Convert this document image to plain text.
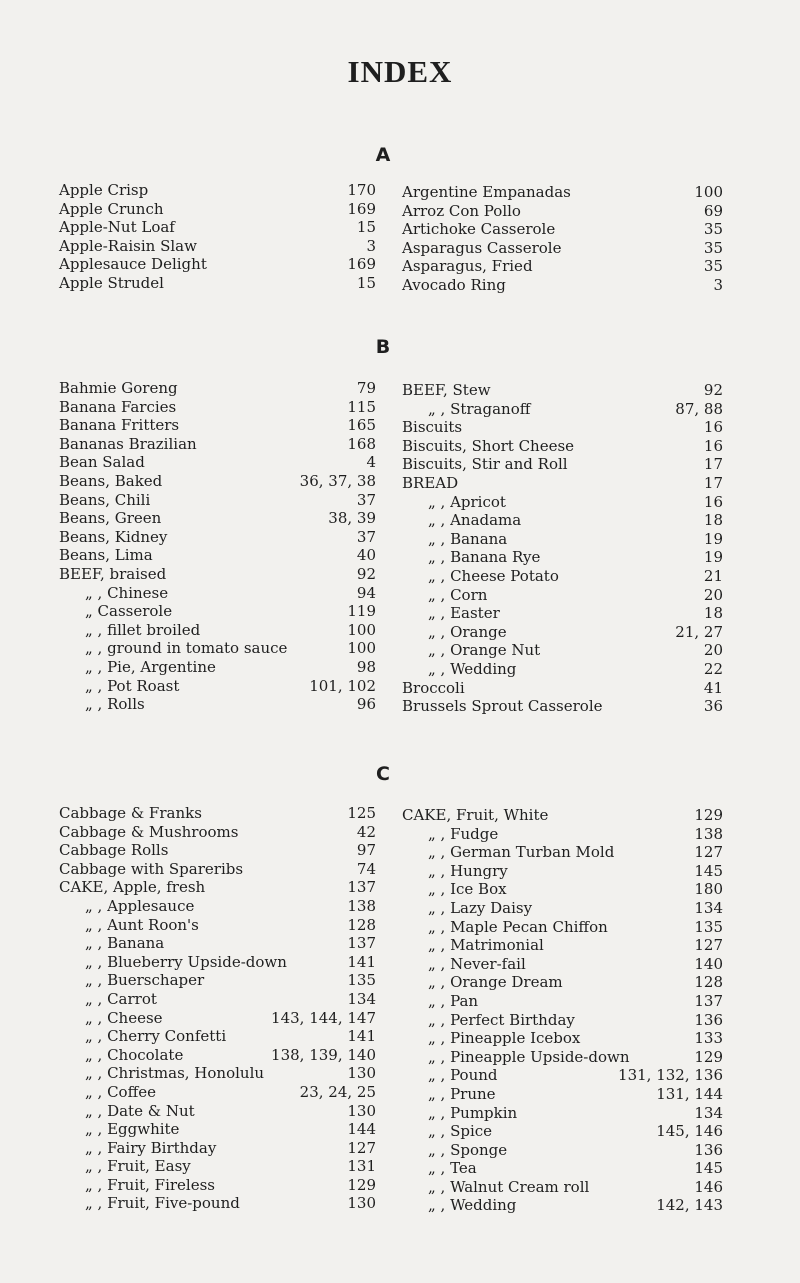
INDEX
A
Apple Crisp	170
Apple Crunch	169
Apple-Nut Loaf	15
Apple-Raisin Slaw	3
Applesauce Delight	169
Apple Strudel	15
Argentine Empanadas	100
Arroz Con Pollo	69
Artichoke Casserole	35
Asparagus Casserole	35
Asparagus, Fried	35
Avocado Ring	3
B
Bahmie Goreng	79
Banana Farcies	115
Banana Fritters	165
Bananas Brazilian	168
Bean Salad	4
Beans, Baked	36, 37, 38
Beans, Chili	37
Beans, Green	38, 39
Beans, Kidney	37
Beans, Lima	40
BEEF, braised	92
„ , Chinese	94
„ Casserole	119
„ , fillet broiled	100
„ , ground in tomato sauce	100
„ , Pie, Argentine	98
„ , Pot Roast	101, 102
„ , Rolls	96
BEEF, Stew	92
„ , Straganoff	87, 88
Biscuits	16
Biscuits, Short Cheese	16
Biscuits, Stir and Roll	17
BREAD	17
„ , Apricot	16
„ , Anadama	18
„ , Banana	19
„ , Banana Rye	19
„ , Cheese Potato	21
„ , Corn	20
„ , Easter	18
„ , Orange	21, 27
„ , Orange Nut	20
„ , Wedding	22
Broccoli	41
Brussels Sprout Casserole	36
C
Cabbage & Franks	125
Cabbage & Mushrooms	42
Cabbage Rolls	97
Cabbage with Spareribs	74
CAKE, Apple, fresh	137
„ , Applesauce	138
„ , Aunt Roon's	128
„ , Banana	137
„ , Blueberry Upside-down	141
„ , Buerschaper	135
„ , Carrot	134
„ , Cheese	143, 144, 147
„ , Cherry Confetti	141
„ , Chocolate	138, 139, 140
„ , Christmas, Honolulu	130
„ , Coffee	23, 24, 25
„ , Date & Nut	130
„ , Eggwhite	144
„ , Fairy Birthday	127
„ , Fruit, Easy	131
„ , Fruit, Fireless	129
„ , Fruit, Five-pound	130
CAKE, Fruit, White	129
„ , Fudge	138
„ , German Turban Mold	127
„ , Hungry	145
„ , Ice Box	180
„ , Lazy Daisy	134
„ , Maple Pecan Chiffon	135
„ , Matrimonial	127
„ , Never-fail	140
„ , Orange Dream	128
„ , Pan	137
„ , Perfect Birthday	136
„ , Pineapple Icebox	133
„ , Pineapple Upside-down	129
„ , Pound	131, 132, 136
„ , Prune	131, 144
„ , Pumpkin	134
„ , Spice	145, 146
„ , Sponge	136
„ , Tea	145
„ , Walnut Cream roll	146
„ , Wedding	142, 143
